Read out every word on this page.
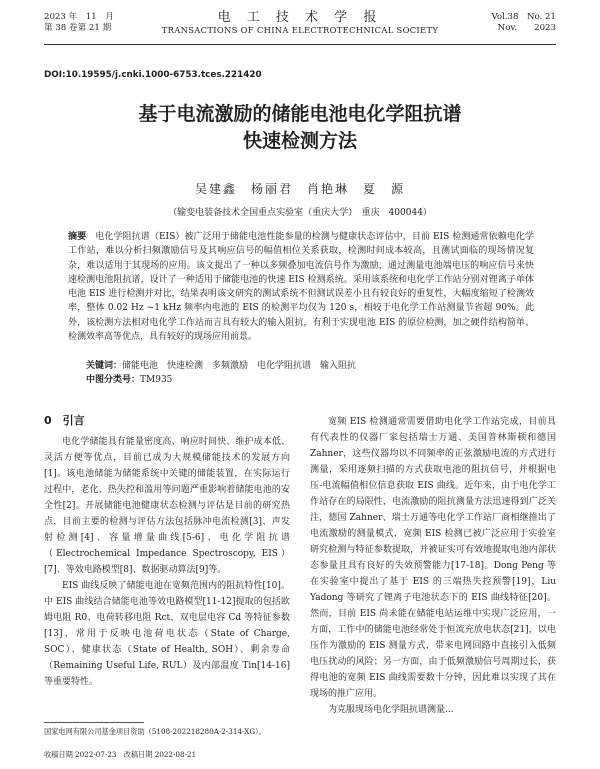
2023 年　11　月
第 38 卷第 21 期
电 工 技 术 学 报
TRANSACTIONS OF CHINA ELECTROTECHNICAL SOCIETY
Vol.38　No. 21
Nov.　　2023
DOI:10.19595/j.cnki.1000-6753.tces.221420
基于电流激励的储能电池电化学阻抗谱
快速检测方法
吴建鑫　杨丽君　肖艳琳　夏　源
（输变电装备技术全国重点实验室（重庆大学）　重庆　400044）
摘要　 电化学阻抗谱（EIS）被广泛用于储能电池性能参量的检测与健康状态评估中，目前 EIS 检测通常依赖电化学工作站，难以分析扫频激励信号及其响应信号的幅值相位关系获取，检测时间成本较高，且测试面临的现场情况复杂，难以适用于其现场的应用。该文提出了一种以多频叠加电流信号作为激励，通过测量电池端电压的响应信号来快速检测电池阻抗谱，设计了一种适用于储能电池的快速 EIS 检测系统。采用该系统和电化学工作站分别对锂离子单体电池 EIS 进行检测并对比，结果表明该文研究的测试系统不但测试误差小且有较良好的重复性，大幅度缩短了检测效率，整体 0.02 Hz ~1 kHz 频率内电池的 EIS 的检测平均仅为 120 s，相较于电化学工作站测量节省超 90%。此外，该检测方法相对电化学工作站而言具有较大的输入阻抗，有利于实现电池 EIS 的原位检测，加之硬件结构简单、检测效率高等优点，具有较好的现场应用前景。
关键词：储能电池　快速检测　多频激励　电化学阻抗谱　输入阻抗
中图分类号：TM935
0　 引言

电化学储能具有能量密度高、响应时间快、维护成本低、灵活方便等优点，目前已成为大规模储能技术的发展方向[1]。该电池储能为储能系统中关键的储能装置，在实际运行过程中，老化、热失控和滥用等问题严重影响着储能电池的安全性[2]。开展储能电池健康状态检测与评估是目前的研究热点，目前主要的检测与评估方法包括脉冲电流检测[3]、声发射检测[4]、容量增量曲线[5-6]、电化学阻抗谱（Electrochemical Impedance Spectroscopy, EIS）[7]、等效电路模型[8]、数据驱动算法[9]等。

EIS 曲线反映了储能电池在宽频范围内的阻抗特性[10]。中 EIS 曲线结合储能电池等效电路模型[11-12]提取的包括欧姆电阻 R0、电荷转移电阻 Rct、双电层电容 Cd 等特征参数[13]，常用于反映电池荷电状态（State of Charge, SOC）、健康状态（State of Health, SOH）、剩余寿命（Remaining Useful Life, RUL）及内部温度 Tin[14-16]等重要特性。

宽频 EIS 检测通常需要借助电化学工作站完成，目前具有代表性的仪器厂家包括瑞士万通、美国普林斯顿和德国 Zahner，这些仪器均以不同频率的正弦激励电流的方式进行测量，采用逐频扫描的方式获取电池的阻抗信号，并根据电压-电流幅值相位信息获取 EIS 曲线。近年来，由于电化学工作站存在的局限性，电流激励的阻抗测量方法迅速得到广泛关注，德国 Zahner、瑞士万通等电化学工作站厂商相继推出了电流激励的测量模式，宽频 EIS 检测已被广泛应用于实验室研究检测与特征参数提取，并被证实可有效地提取电池内部状态参量且具有良好的失效预警能力[17-18]。Dong Peng 等在实验室中提出了基于 EIS 的三端热失控预警[19]，Liu Yadong 等研究了锂离子电池状态下的 EIS 曲线特征[20]。然而，目前 EIS 尚未能在储能电站运维中实现广泛应用，一方面，工作中的储能电池经常处于恒流充放电状态[21]，以电压作为激励的 EIS 测量方式，带来电网回路中直接引入低频电压扰动的风险；另一方面，由于低频激励信号周期过长，获得电池的宽频 EIS 曲线需要数十分钟，因此难以实现了其在现场的推广应用。

为克服现场电化学阻抗谱测量...

国家电网有限公司基金项目资助（5108-202218280A-2-314-XG）。
收稿日期 2022-07-23　改稿日期 2022-08-21
